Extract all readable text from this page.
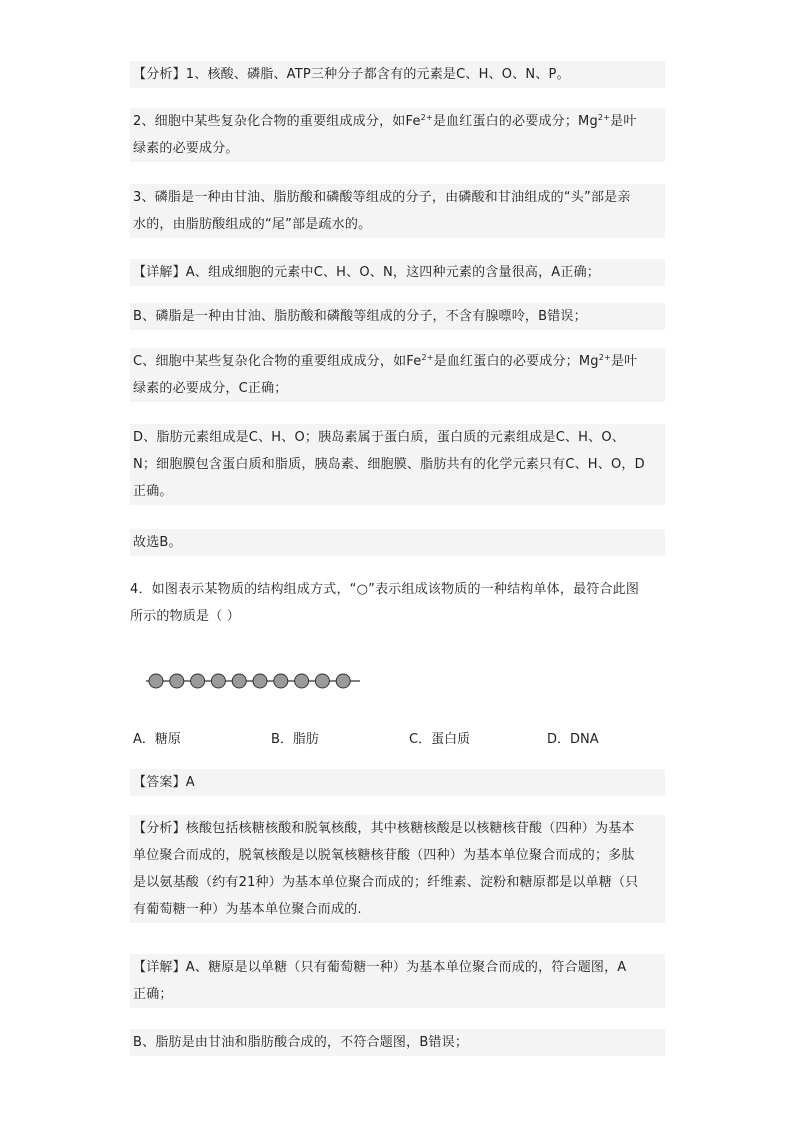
【分析】1、核酸、磷脂、ATP三种分子都含有的元素是C、H、O、N、P。
2、细胞中某些复杂化合物的重要组成成分，如$Fe^{2+}$是血红蛋白的必要成分；$Mg^{2+}$是叶
绿素的必要成分。
3、磷脂是一种由甘油、脂肪酸和磷酸等组成的分子，由磷酸和甘油组成的“头”部是亲
水的，由脂肪酸组成的“尾”部是疏水的。
【详解】A、组成细胞的元素中C、H、O、N，这四种元素的含量很高，A正确；
B、磷脂是一种由甘油、脂肪酸和磷酸等组成的分子，不含有腺嘌呤，B错误；
C、细胞中某些复杂化合物的重要组成成分，如$Fe^{2+}$是血红蛋白的必要成分；$Mg^{2+}$是叶
绿素的必要成分，C正确；
D、脂肪元素组成是C、H、O；胰岛素属于蛋白质，蛋白质的元素组成是C、H、O、
N；细胞膜包含蛋白质和脂质，胰岛素、细胞膜、脂肪共有的化学元素只有C、H、O，D
正确。
故选B。
4．如图表示某物质的结构组成方式，“○”表示组成该物质的一种结构单体，最符合此图
所示的物质是（ ）
A．糖原	B．脂肪	C．蛋白质	D．DNA
【答案】A
【分析】核酸包括核糖核酸和脱氧核酸，其中核糖核酸是以核糖核苷酸（四种）为基本
单位聚合而成的，脱氧核酸是以脱氧核糖核苷酸（四种）为基本单位聚合而成的；多肽
是以氨基酸（约有21种）为基本单位聚合而成的；纤维素、淀粉和糖原都是以单糖（只
有葡萄糖一种）为基本单位聚合而成的.
【详解】A、糖原是以单糖（只有葡萄糖一种）为基本单位聚合而成的，符合题图，A
正确；
B、脂肪是由甘油和脂肪酸合成的，不符合题图，B错误；
